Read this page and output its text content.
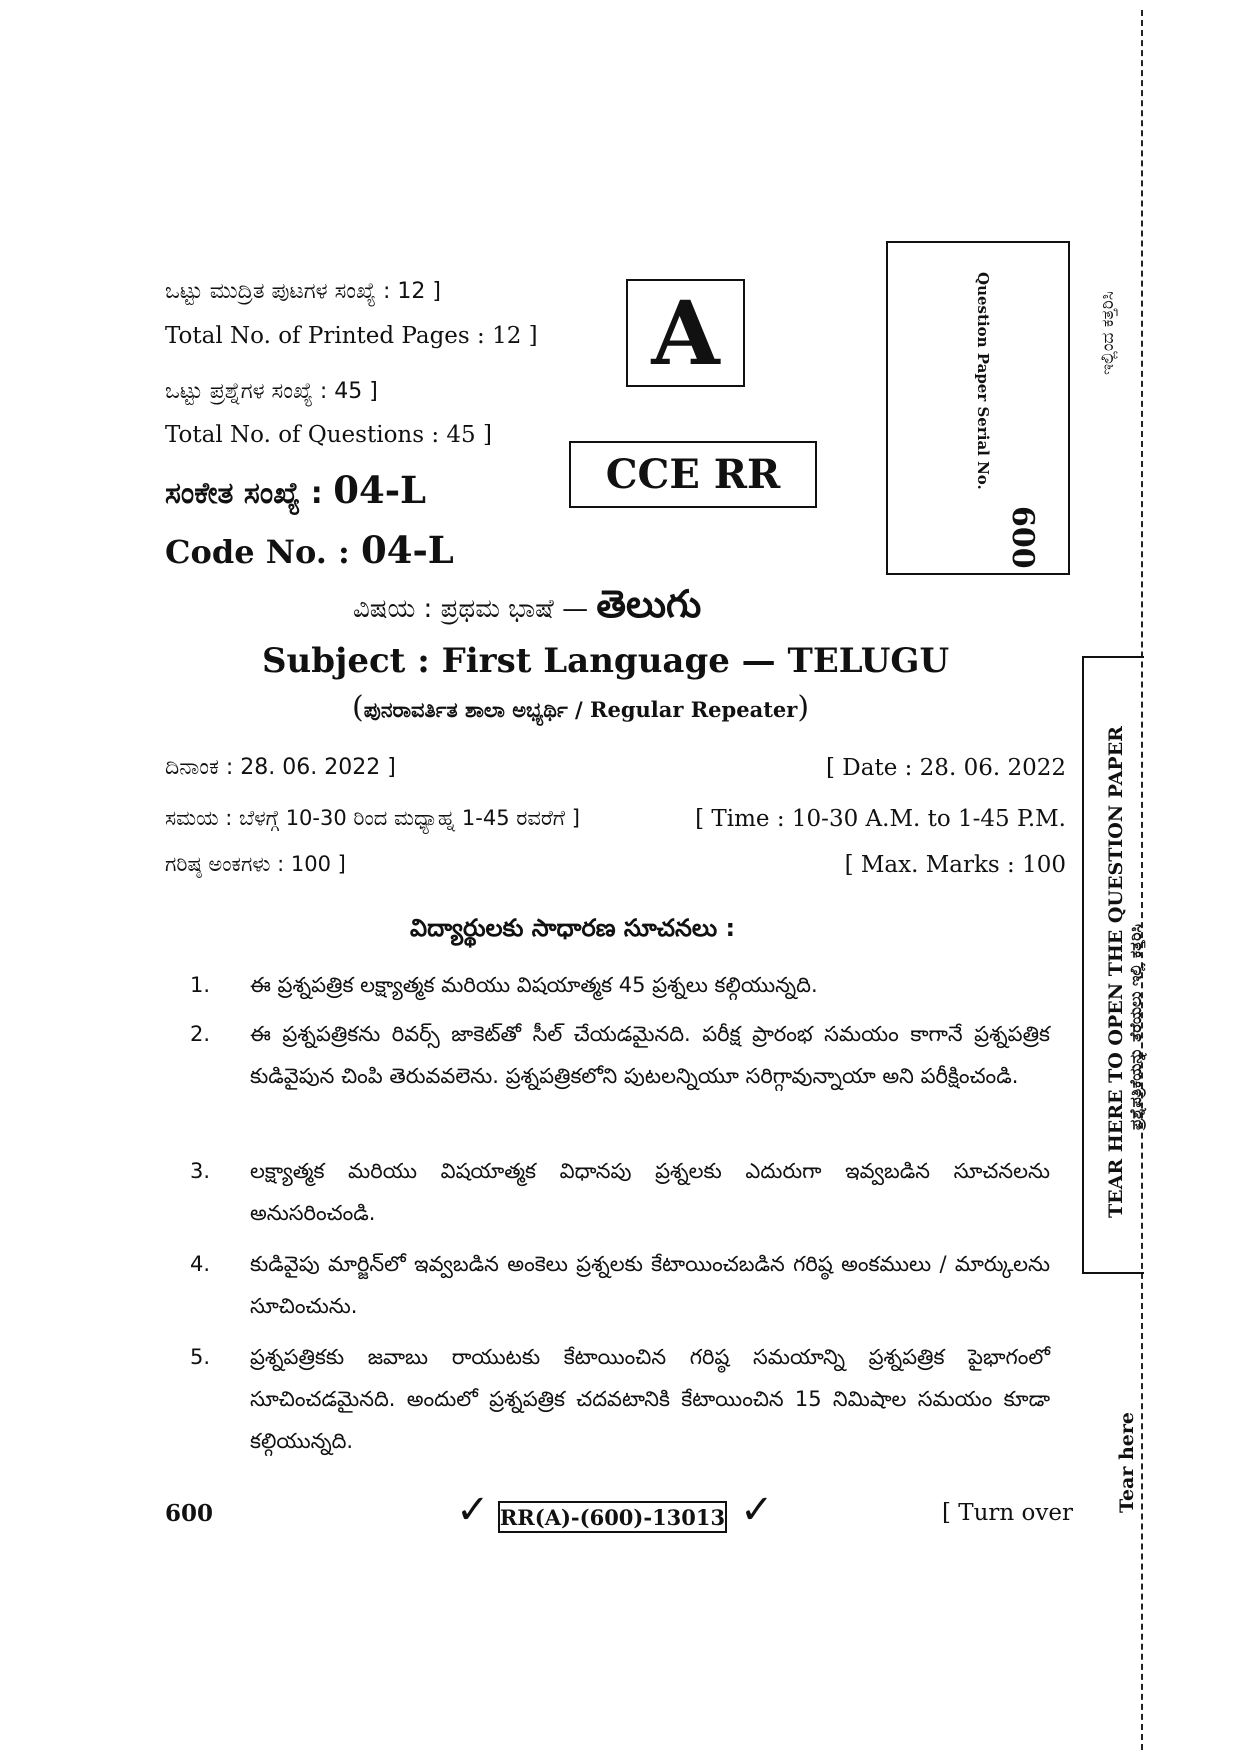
ಒಟ್ಟು ಮುದ್ರಿತ ಪುಟಗಳ ಸಂಖ್ಯೆ : 12 ]
Total No. of Printed Pages : 12 ]
ಒಟ್ಟು ಪ್ರಶ್ನೆಗಳ ಸಂಖ್ಯೆ : 45 ]
Total No. of Questions : 45 ]
ಸಂಕೇತ ಸಂಖ್ಯೆ : 04-L
Code No. : 04-L
A
CCE RR	Question Paper Serial No.
600
ವಿಷಯ : ಪ್ರಥಮ ಭಾಷೆ — తెలుగు
Subject : First Language — TELUGU
(ಪುನರಾವರ್ತಿತ ಶಾಲಾ ಅಭ್ಯರ್ಥಿ / Regular Repeater)
ದಿನಾಂಕ : 28. 06. 2022 ]	[ Date : 28. 06. 2022
ಸಮಯ : ಬೆಳಗ್ಗೆ 10-30 ರಿಂದ ಮಧ್ಯಾಹ್ನ 1-45 ರವರೆಗೆ ]	[ Time : 10-30 A.M. to 1-45 P.M.
ಗರಿಷ್ಠ ಅಂಕಗಳು : 100 ]	[ Max. Marks : 100
విద్యార్థులకు సాధారణ సూచనలు :
1.	ఈ ప్రశ్నపత్రిక లక్ష్యాత్మక మరియు విషయాత్మక 45 ప్రశ్నలు కల్గియున్నది.
2.	ఈ ప్రశ్నపత్రికను రివర్స్ జాకెట్‌తో సీల్ చేయడమైనది. పరీక్ష ప్రారంభ సమయం కాగానే ప్రశ్నపత్రిక కుడివైపున చింపి తెరువవలెను. ప్రశ్నపత్రికలోని పుటలన్నియూ సరిగ్గావున్నాయా అని పరీక్షించండి.
3.	లక్ష్యాత్మక మరియు విషయాత్మక విధానపు ప్రశ్నలకు ఎదురుగా ఇవ్వబడిన సూచనలను అనుసరించండి.
4.	కుడివైపు మార్జిన్‌లో ఇవ్వబడిన అంకెలు ప్రశ్నలకు కేటాయించబడిన గరిష్ఠ అంకములు / మార్కులను సూచించును.
5.	ప్రశ్నపత్రికకు జవాబు రాయుటకు కేటాయించిన గరిష్ఠ సమయాన్ని ప్రశ్నపత్రిక పైభాగంలో సూచించడమైనది. అందులో ప్రశ్నపత్రిక చదవటానికి కేటాయించిన 15 నిమిషాల సమయం కూడా కల్గియున్నది.
600	✓ RR(A)-(600)-13013 ✓	[ Turn over
ಇಲ್ಲಿಂದ ಕತ್ತರಿಸಿ
TEAR HERE TO OPEN THE QUESTION PAPER ಪ್ರಶ್ನೆಪತ್ರಿಕೆಯನ್ನು ತೆರೆಯಲು ಇಲ್ಲಿ ಕತ್ತರಿಸಿ
Tear here
